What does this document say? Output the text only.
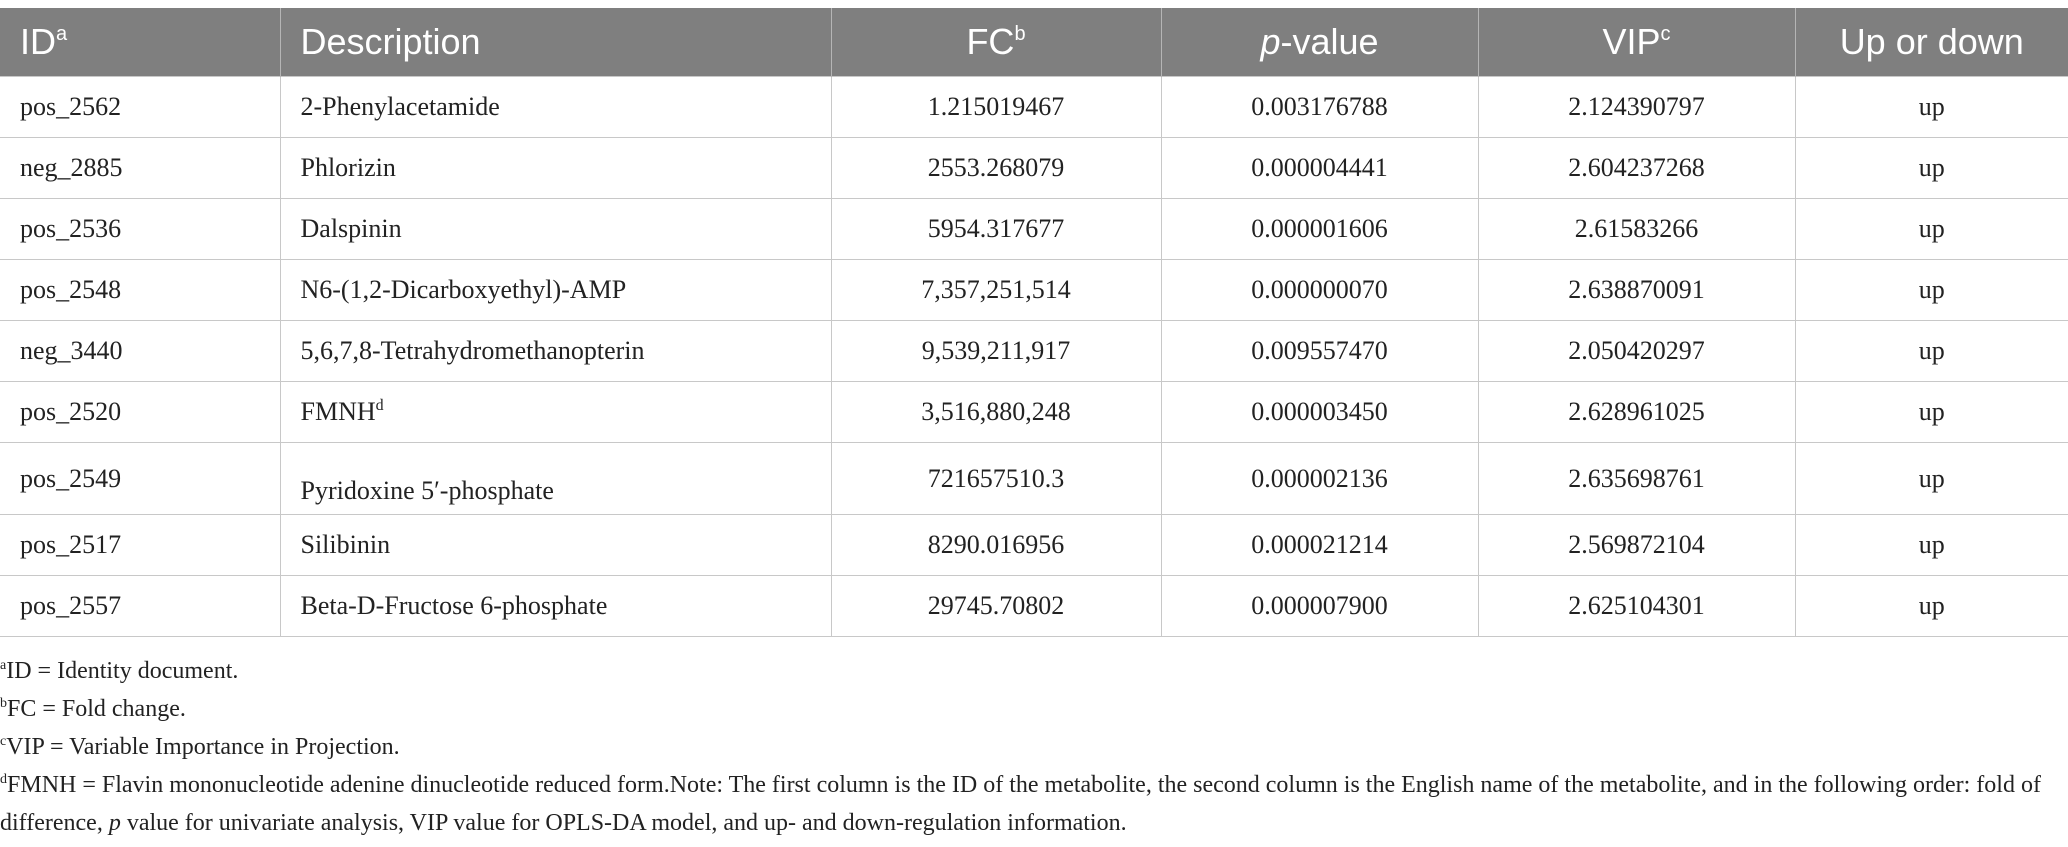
$ID^a$	Description	$FC^b$	p-value	VIP$^c$	Up or down
pos_2562	2-Phenylacetamide	1.215019467	0.003176788	2.124390797	up
neg_2885	Phlorizin	2553.268079	0.000004441	2.604237268	up
pos_2536	Dalspinin	5954.317677	0.000001606	2.61583266	up
pos_2548	N6-(1,2-Dicarboxyethyl)-AMP	7,357,251,514	0.000000070	2.638870091	up
neg_3440	5,6,7,8-Tetrahydromethanopterin	9,539,211,917	0.009557470	2.050420297	up
pos_2520	FMNH$^d$	3,516,880,248	0.000003450	2.628961025	up
pos_2549	Pyridoxine 5′-phosphate	721657510.3	0.000002136	2.635698761	up
pos_2517	Silibinin	8290.016956	0.000021214	2.569872104	up
pos_2557	Beta-D-Fructose 6-phosphate	29745.70802	0.000007900	2.625104301	up
$^a$ID = Identity document.
$^b$FC = Fold change.
$^c$VIP = Variable Importance in Projection.
$^d$FMNH = Flavin mononucleotide adenine dinucleotide reduced form.Note: The first column is the ID of the metabolite, the second column is the English name of the metabolite, and in the following order: fold of difference, p value for univariate analysis, VIP value for OPLS-DA model, and up- and down-regulation information.
